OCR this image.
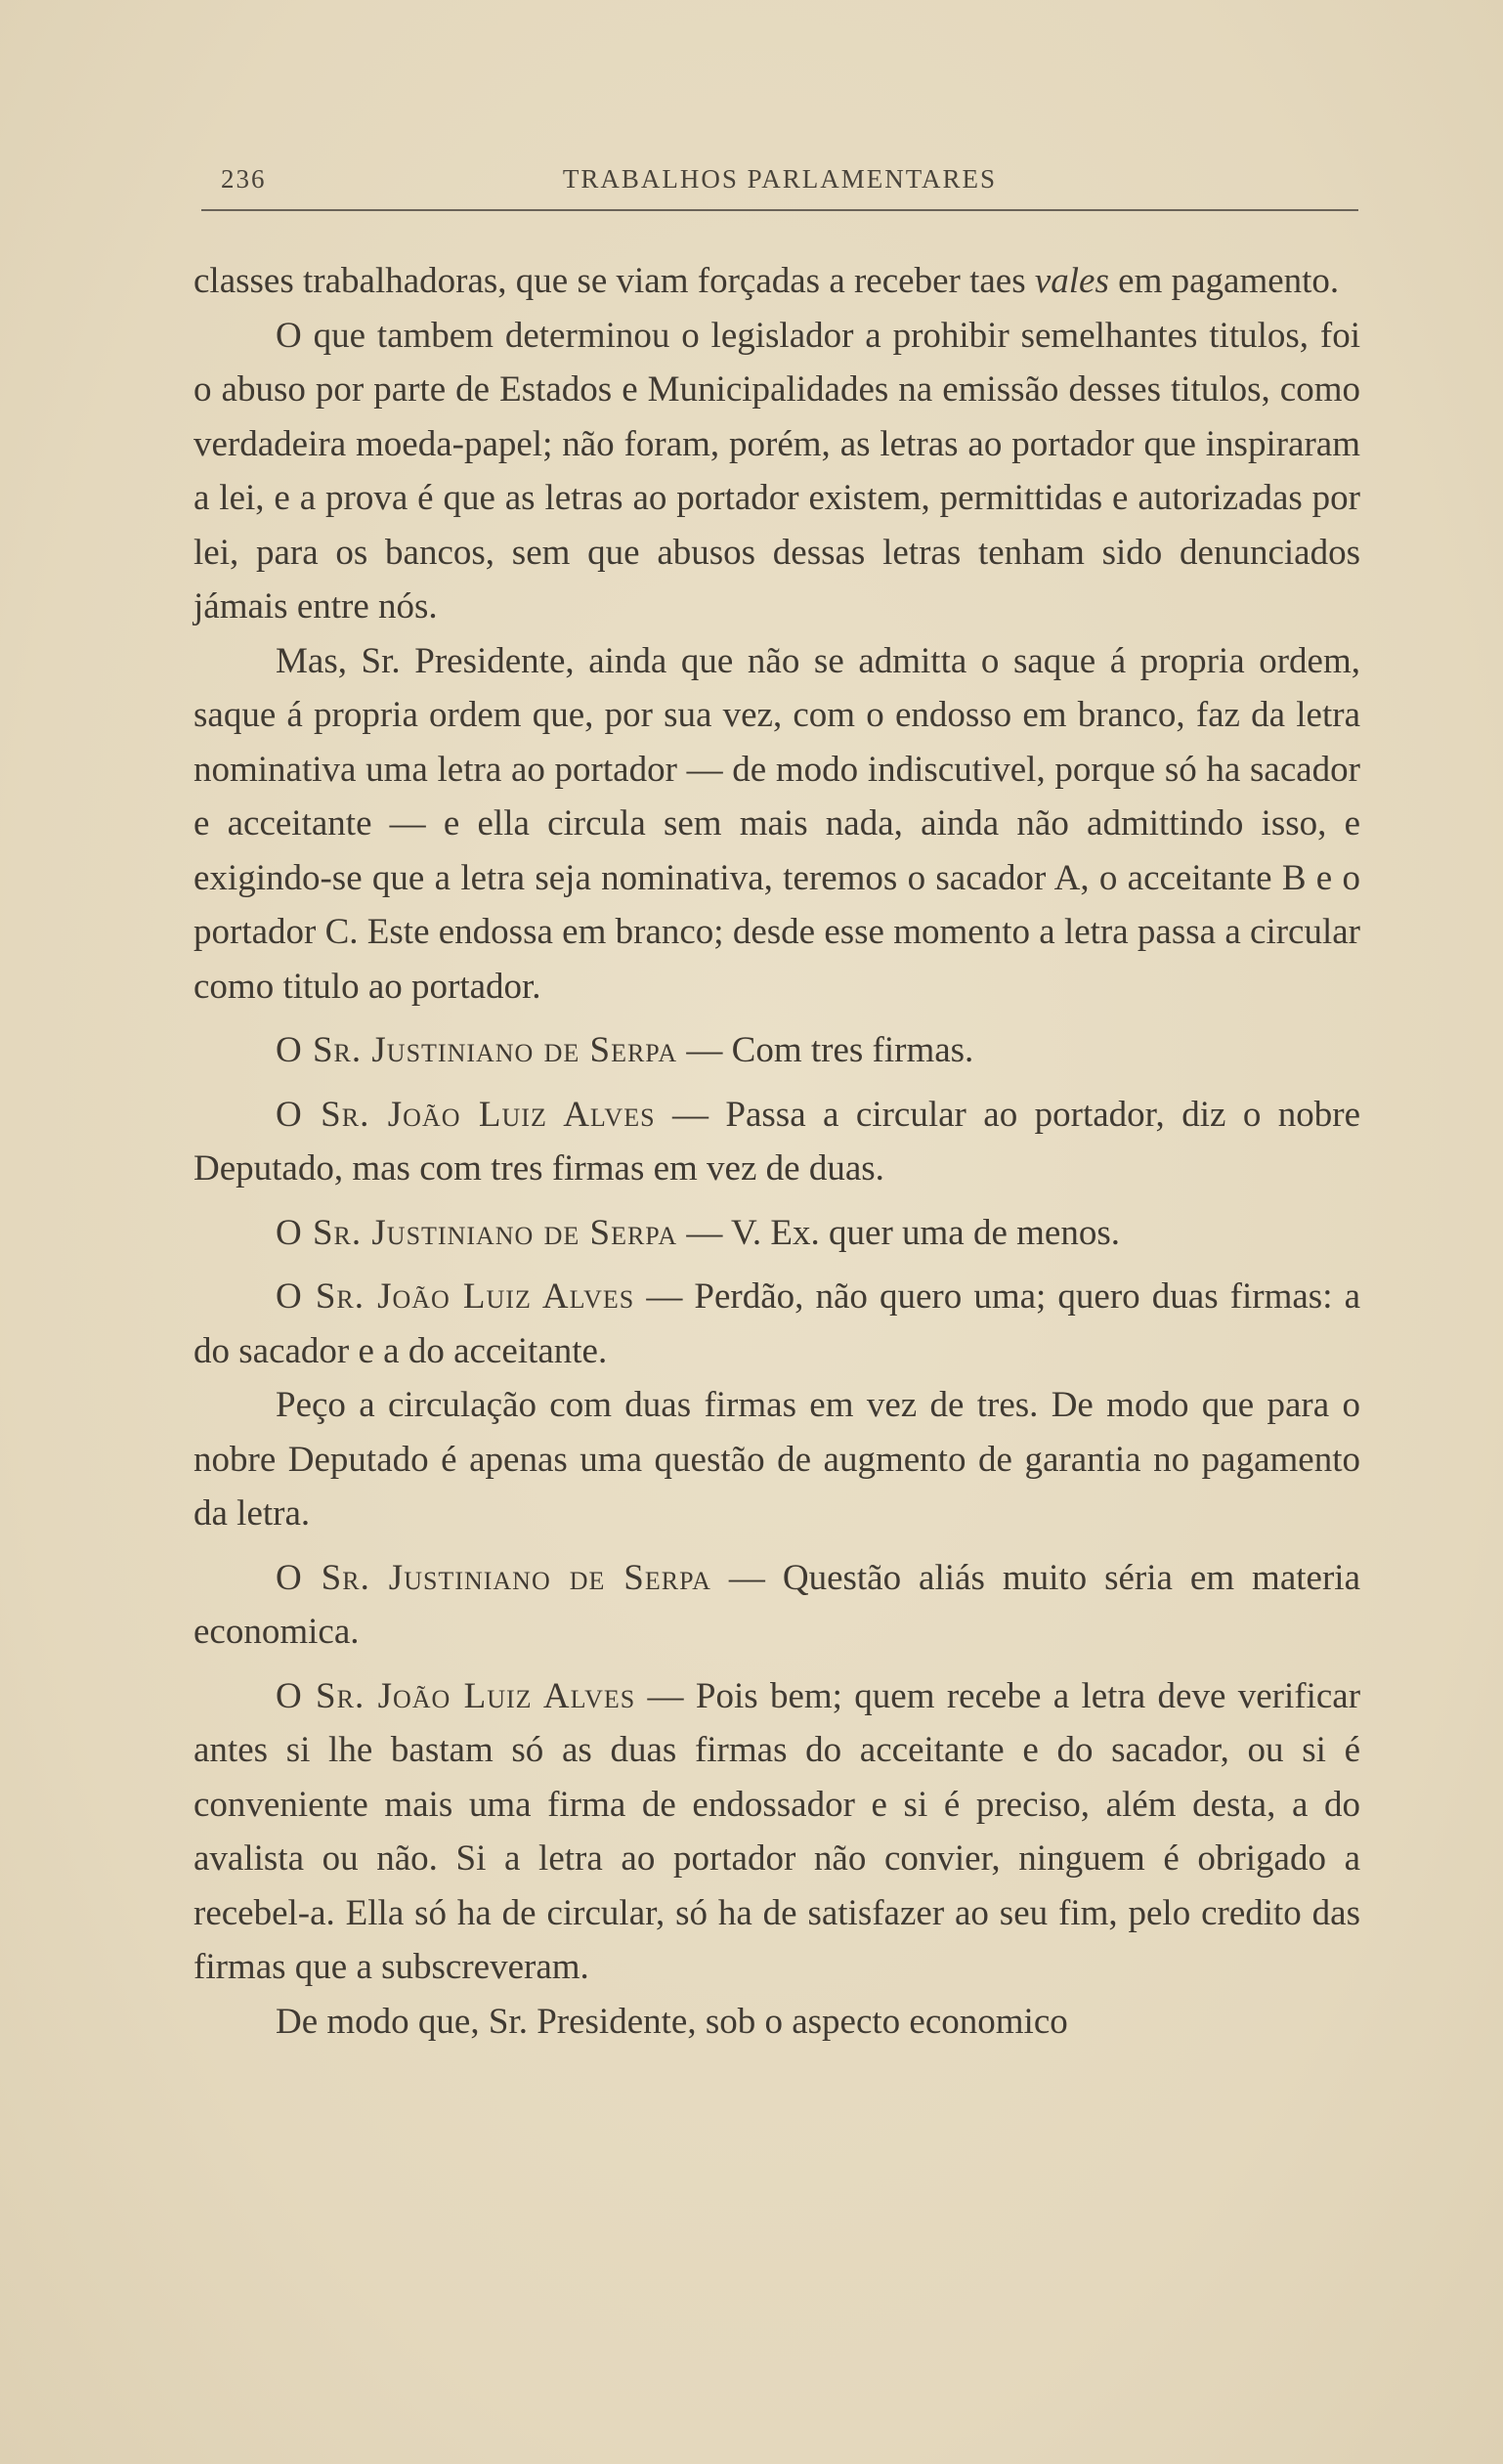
236	TRABALHOS PARLAMENTARES

classes trabalhadoras, que se viam forçadas a receber taes vales em pagamento.

O que tambem determinou o legislador a prohibir semelhantes titulos, foi o abuso por parte de Estados e Municipalidades na emissão desses titulos, como verdadeira moeda-papel; não foram, porém, as letras ao portador que inspiraram a lei, e a prova é que as letras ao portador existem, permittidas e autorizadas por lei, para os bancos, sem que abusos dessas letras tenham sido denunciados jámais entre nós.

Mas, Sr. Presidente, ainda que não se admitta o saque á propria ordem, saque á propria ordem que, por sua vez, com o endosso em branco, faz da letra nominativa uma letra ao portador — de modo indiscutivel, porque só ha sacador e acceitante — e ella circula sem mais nada, ainda não admittindo isso, e exigindo-se que a letra seja nominativa, teremos o sacador A, o acceitante B e o portador C. Este endossa em branco; desde esse momento a letra passa a circular como titulo ao portador.

O Sr. Justiniano de Serpa — Com tres firmas.

O Sr. João Luiz Alves — Passa a circular ao portador, diz o nobre Deputado, mas com tres firmas em vez de duas.

O Sr. Justiniano de Serpa — V. Ex. quer uma de menos.

O Sr. João Luiz Alves — Perdão, não quero uma; quero duas firmas: a do sacador e a do acceitante.

Peço a circulação com duas firmas em vez de tres. De modo que para o nobre Deputado é apenas uma questão de augmento de garantia no pagamento da letra.

O Sr. Justiniano de Serpa — Questão aliás muito séria em materia economica.

O Sr. João Luiz Alves — Pois bem; quem recebe a letra deve verificar antes si lhe bastam só as duas firmas do acceitante e do sacador, ou si é conveniente mais uma firma de endossador e si é preciso, além desta, a do avalista ou não. Si a letra ao portador não convier, ninguem é obrigado a recebel-a. Ella só ha de circular, só ha de satisfazer ao seu fim, pelo credito das firmas que a subscreveram.

De modo que, Sr. Presidente, sob o aspecto economico
